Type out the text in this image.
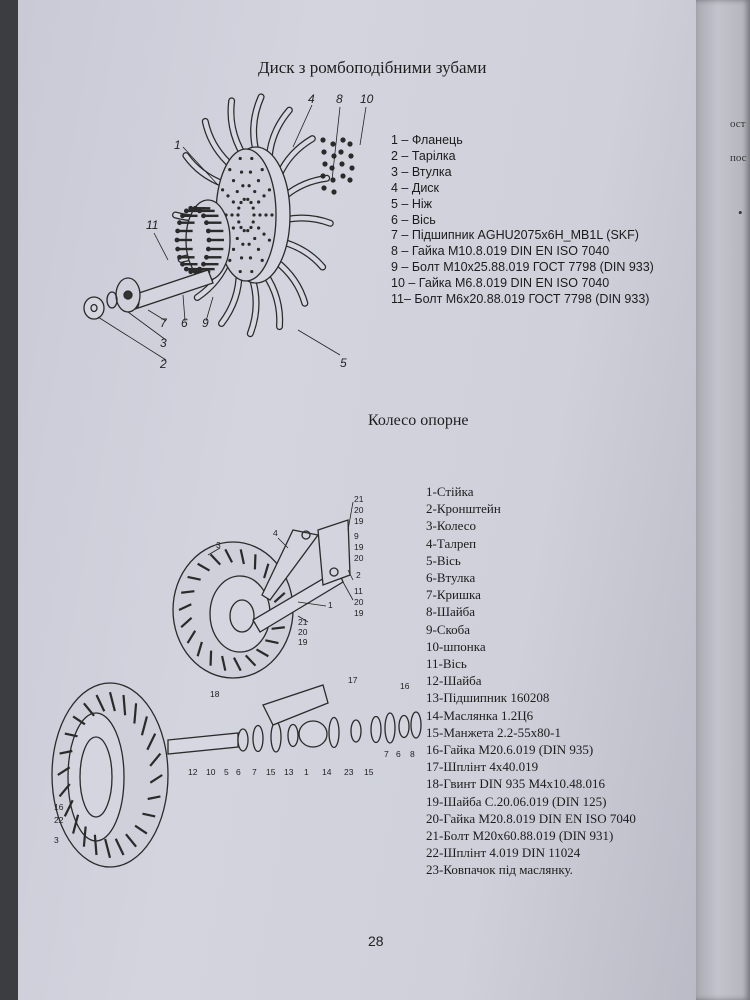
Диск з ромбоподібними зубами
1
4 8 10
11
7 6 9
3
2	5
1 – Фланець
2 – Тарілка
3 – Втулка
4 – Диск
5 – Ніж
6 – Вісь
7 – Підшипник AGHU2075x6H_MB1L (SKF)
8 – Гайка М10.8.019 DIN EN ISO 7040
9 – Болт М10x25.88.019 ГОСТ 7798 (DIN 933)
10 – Гайка М6.8.019 DIN EN ISO 7040
11– Болт М6x20.88.019 ГОСТ 7798 (DIN 933)
Колесо опорне
21
20
19
9
19
20
2
11
20
19
3
4
1
21
20
19
18
17
16
12 10 5 6 7 15 13 1 14 23 15
7 6 8
16
22
3
1-Стійка
2-Кронштейн
3-Колесо
4-Талреп
5-Вісь
6-Втулка
7-Кришка
8-Шайба
9-Скоба
10-шпонка
11-Вісь
12-Шайба
13-Підшипник 160208
14-Маслянка 1.2Ц6
15-Манжета 2.2-55x80-1
16-Гайка М20.6.019 (DIN 935)
17-Шплінт 4x40.019
18-Гвинт DIN 935 М4x10.48.016
19-Шайба С.20.06.019 (DIN 125)
20-Гайка М20.8.019 DIN EN ISO 7040
21-Болт М20x60.88.019 (DIN 931)
22-Шплінт 4.019 DIN 11024
23-Ковпачок під маслянку.
28
ост
пос
•
